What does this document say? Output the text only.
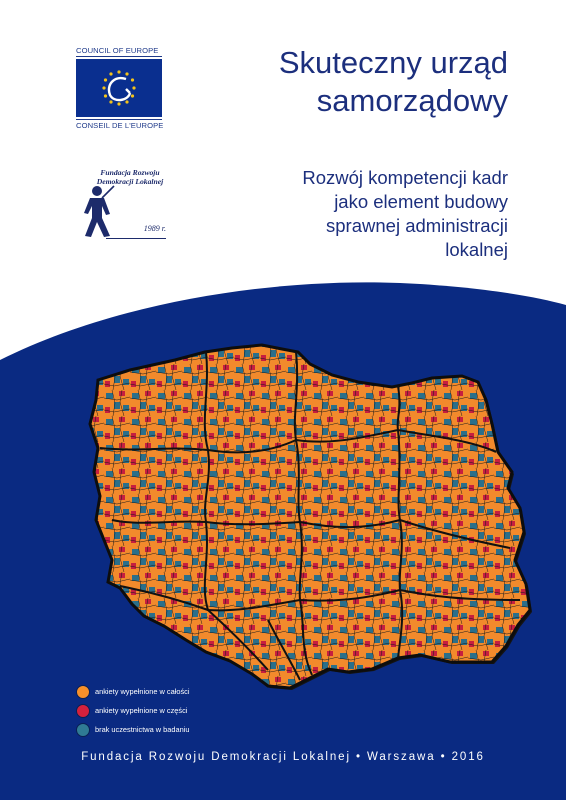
COUNCIL OF EUROPE
CONSEIL DE L'EUROPE
Fundacja Rozwoju
Demokracji Lokalnej
1989 r.
Skuteczny urząd
samorządowy
Rozwój kompetencji kadr
jako element budowy
sprawnej administracji
lokalnej
ankiety wypełnione w całości
ankiety wypełnione w części
brak uczestnictwa w badaniu
Fundacja Rozwoju Demokracji Lokalnej • Warszawa • 2016
